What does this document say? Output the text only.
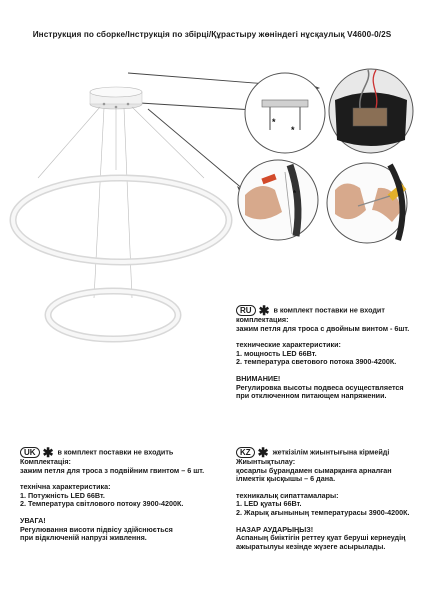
Инструкция по сборке/Інструкція по збірці/Құрастыру жөніндегі нұсқаулық V4600-0/2S
*
*
*
RU ✱ в комплект поставки не входит
комплектация:
зажим петля для троса с двойным винтом - 6шт.
технические характеристики:
1. мощность LED 66Вт.
2. температура светового потока 3900-4200К.
ВНИМАНИЕ!
Регулировка высоты подвеса осуществляется
при отключенном питающем напряжении.
UK ✱ в комплект поставки не входить
Комплектація:
зажим петля для троса з подвійним гвинтом – 6 шт.
технічна характеристика:
1. Потужність LED 66Вт.
2. Температура світлового потоку 3900-4200К.
УВАГА!
Регулювання висоти підвісу здійснюється
при відключеній напрузі живлення.
KZ ✱ жеткізілім жиынтығына кірмейді
Жиынтықтылау:
қосарлы бұрандамен сымарқанға арналған
ілмектік қысқышы – 6 дана.
техникалық сипаттамалары:
1. LED қуаты 66Вт.
2. Жарық ағынының температурасы 3900-4200К.
НАЗАР АУДАРЫҢЫЗ!
Аспаның биіктігін реттеу қуат беруші кернеудің
ажыратылуы кезінде жүзеге асырылады.
